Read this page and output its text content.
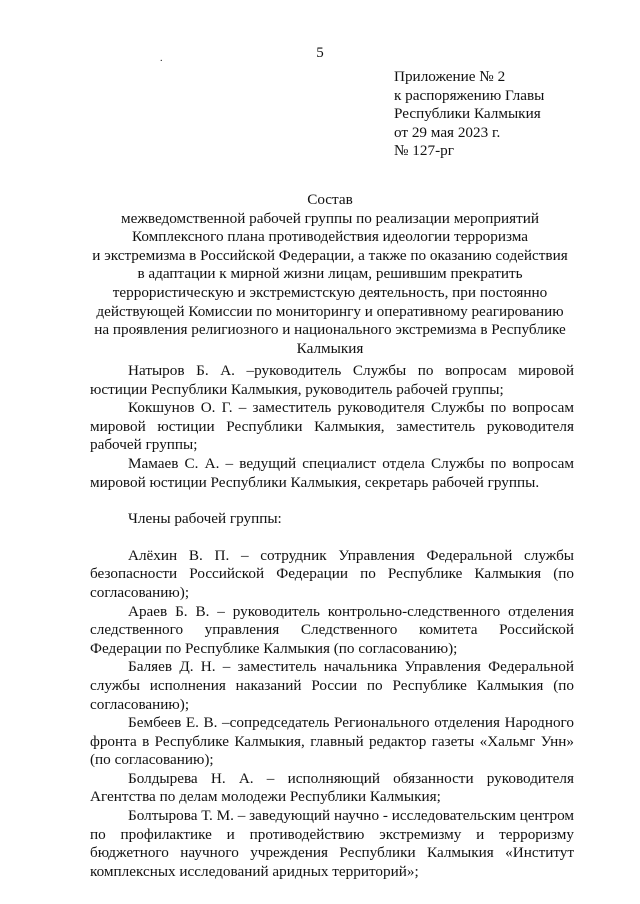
5
.
Приложение № 2
к распоряжению Главы
Республики Калмыкия
от 29 мая 2023 г.
№ 127-рг
Состав
межведомственной рабочей группы по реализации мероприятий
Комплексного плана противодействия идеологии терроризма
и экстремизма в Российской Федерации, а также по оказанию содействия
в адаптации к мирной жизни лицам, решившим прекратить
террористическую и экстремистскую деятельность, при постоянно
действующей Комиссии по мониторингу и оперативному реагированию
на проявления религиозного и национального экстремизма в Республике
Калмыкия
Натыров Б. А. –руководитель Службы по вопросам мировой юстиции Республики Калмыкия, руководитель рабочей группы;
Кокшунов О. Г. – заместитель руководителя Службы по вопросам мировой юстиции Республики Калмыкия, заместитель руководителя рабочей группы;
Мамаев С. А. – ведущий специалист отдела Службы по вопросам мировой юстиции Республики Калмыкия, секретарь рабочей группы.
Члены рабочей группы:
Алёхин В. П. – сотрудник Управления Федеральной службы безопасности Российской Федерации по Республике Калмыкия (по согласованию);
Араев Б. В. – руководитель контрольно-следственного отделения следственного управления Следственного комитета Российской Федерации по Республике Калмыкия (по согласованию);
Баляев Д. Н. – заместитель начальника Управления Федеральной службы исполнения наказаний России по Республике Калмыкия (по согласованию);
Бембеев Е. В. –сопредседатель Регионального отделения Народного фронта в Республике Калмыкия, главный редактор газеты «Хальмг Унн» (по согласованию);
Болдырева Н. А. – исполняющий обязанности руководителя Агентства по делам молодежи Республики Калмыкия;
Болтырова Т. М. – заведующий научно - исследовательским центром по профилактике и противодействию экстремизму и терроризму бюджетного научного учреждения Республики Калмыкия «Институт комплексных исследований аридных территорий»;
